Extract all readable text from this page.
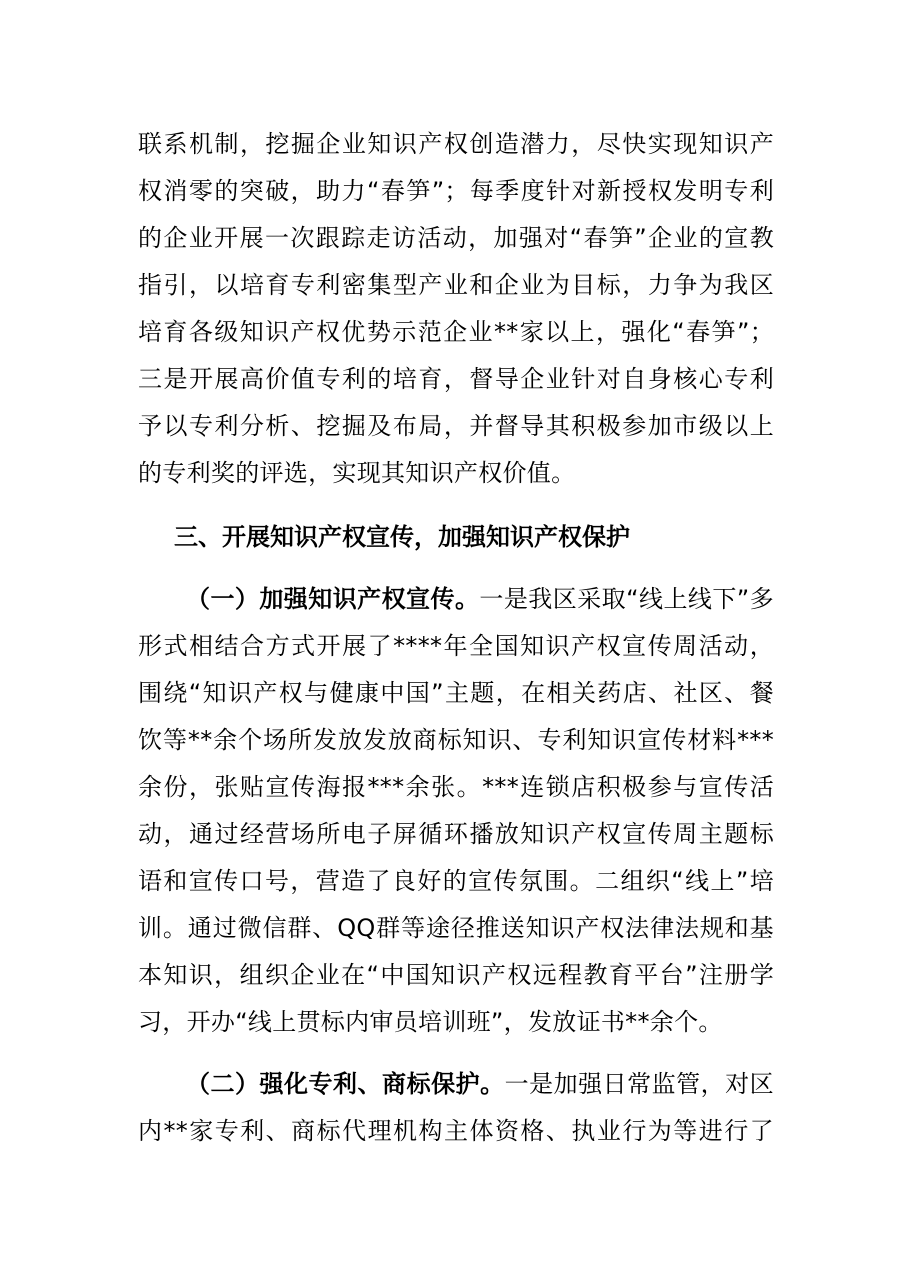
联系机制，挖掘企业知识产权创造潜力，尽快实现知识产
权消零的突破，助力“春笋”；每季度针对新授权发明专利
的企业开展一次跟踪走访活动，加强对“春笋”企业的宣教
指引，以培育专利密集型产业和企业为目标，力争为我区
培育各级知识产权优势示范企业**家以上，强化“春笋”；
三是开展高价值专利的培育，督导企业针对自身核心专利
予以专利分析、挖掘及布局，并督导其积极参加市级以上
的专利奖的评选，实现其知识产权价值。
三、开展知识产权宣传，加强知识产权保护
（一）加强知识产权宣传。一是我区采取“线上线下”多
形式相结合方式开展了****年全国知识产权宣传周活动，
围绕“知识产权与健康中国”主题，在相关药店、社区、餐
饮等**余个场所发放发放商标知识、专利知识宣传材料***
余份，张贴宣传海报***余张。***连锁店积极参与宣传活
动，通过经营场所电子屏循环播放知识产权宣传周主题标
语和宣传口号，营造了良好的宣传氛围。二组织“线上”培
训。通过微信群、QQ群等途径推送知识产权法律法规和基
本知识，组织企业在“中国知识产权远程教育平台”注册学
习，开办“线上贯标内审员培训班”，发放证书**余个。
（二）强化专利、商标保护。一是加强日常监管，对区
内**家专利、商标代理机构主体资格、执业行为等进行了
